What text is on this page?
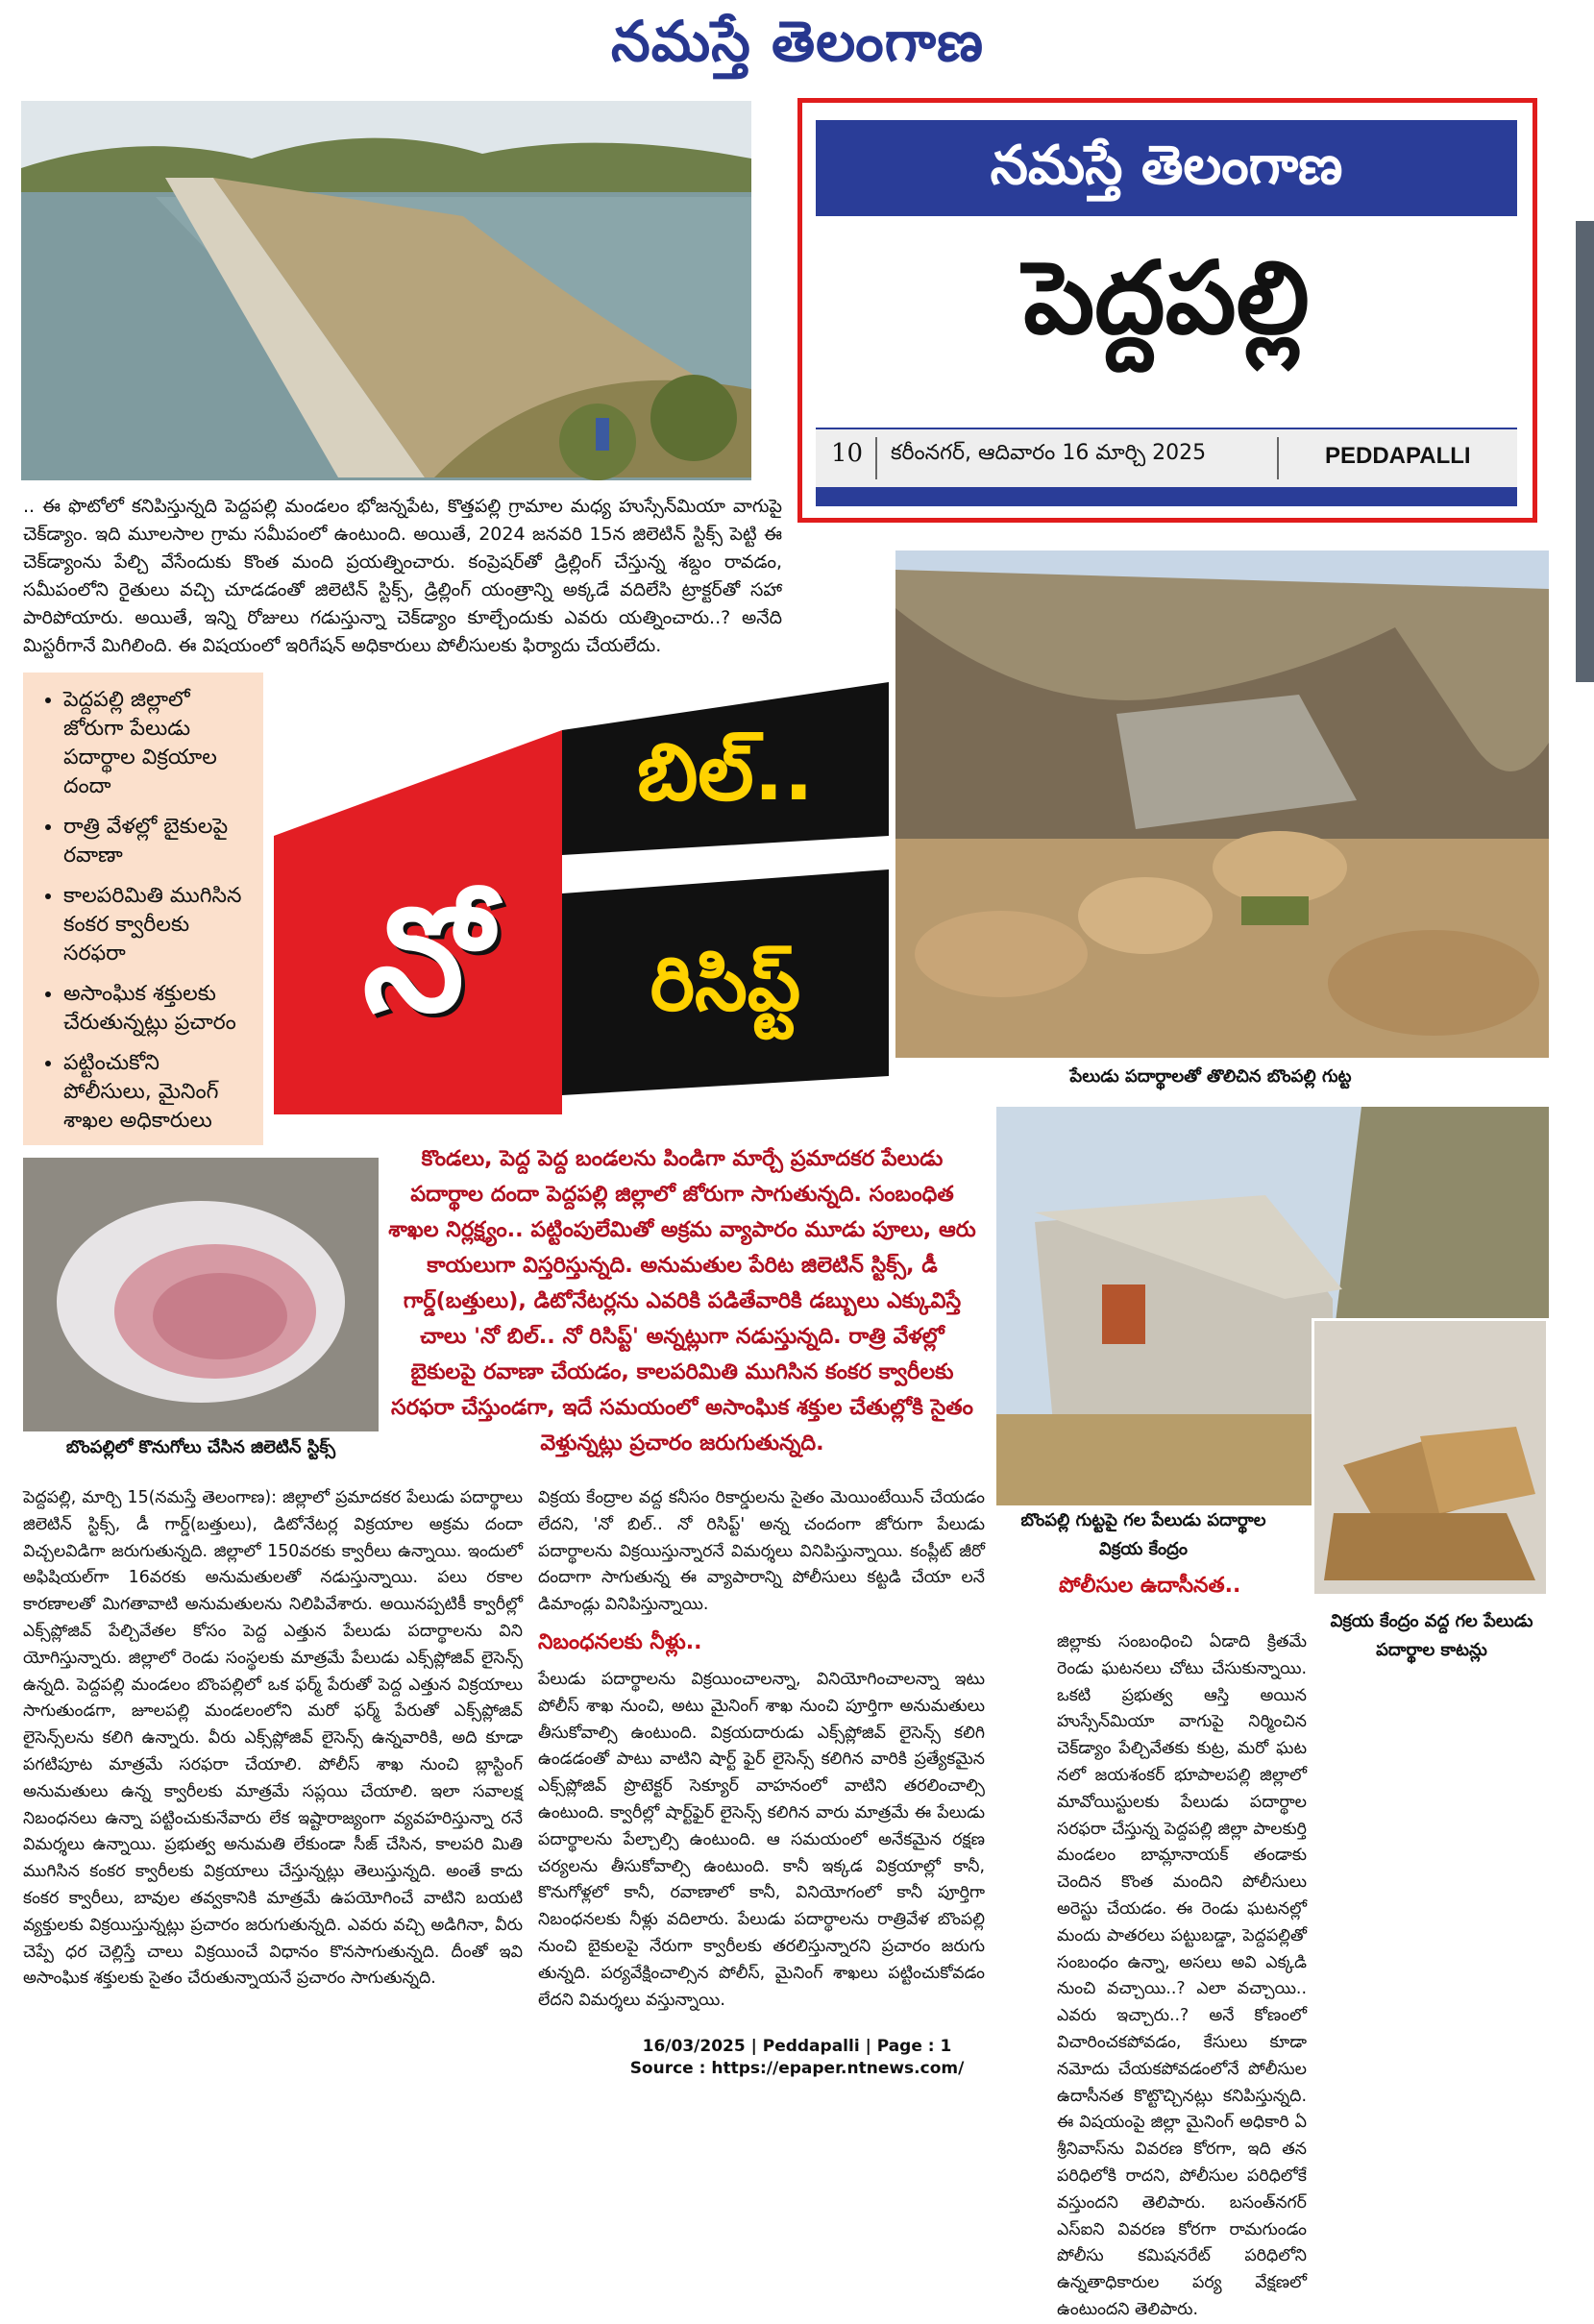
నమస్తే తెలంగాణ
నమస్తే తెలంగాణ
పెద్దపల్లి
10 కరీంనగర్, ఆదివారం 16 మార్చి 2025	PEDDAPALLI
.. ఈ ఫొటోలో కనిపిస్తున్నది పెద్దపల్లి మండలం భోజన్నపేట, కొత్తపల్లి గ్రామాల మధ్య హుస్సేన్‌మియా వాగుపై చెక్‌డ్యాం. ఇది మూలసాల గ్రామ సమీపంలో ఉంటుంది. అయితే, 2024 జనవరి 15న జిలెటిన్ స్టిక్స్ పెట్టి ఈ చెక్‌డ్యాంను పేల్చి వేసేందుకు కొంత మంది ప్రయత్నించారు. కంప్రెషర్‌తో డ్రిల్లింగ్ చేస్తున్న శబ్దం రావడం, సమీపంలోని రైతులు వచ్చి చూడడంతో జిలెటిన్ స్టిక్స్, డ్రిల్లింగ్ యంత్రాన్ని అక్కడే వదిలేసి ట్రాక్టర్‌తో సహా పారిపోయారు. అయితే, ఇన్ని రోజులు గడుస్తున్నా చెక్‌డ్యాం కూల్చేందుకు ఎవరు యత్నించారు..? అనేది మిస్టరీగానే మిగిలింది. ఈ విషయంలో ఇరిగేషన్ అధికారులు పోలీసులకు ఫిర్యాదు చేయలేదు.
• పెద్దపల్లి జిల్లాలో జోరుగా పేలుడు పదార్థాల విక్రయాల దందా
• రాత్రి వేళల్లో బైకులపై రవాణా
• కాలపరిమితి ముగిసిన కంకర క్వారీలకు సరఫరా
• అసాంఘిక శక్తులకు చేరుతున్నట్లు ప్రచారం
• పట్టించుకోని పోలీసులు, మైనింగ్ శాఖల అధికారులు
నో
బిల్..
రిసిప్ట్
పేలుడు పదార్థాలతో తొలిచిన బొంపల్లి గుట్ట
బొంపల్లిలో కొనుగోలు చేసిన జిలెటిన్ స్టిక్స్
కొండలు, పెద్ద పెద్ద బండలను పిండిగా మార్చే ప్రమాదకర పేలుడు పదార్థాల దందా పెద్దపల్లి జిల్లాలో జోరుగా సాగుతున్నది. సంబంధిత శాఖల నిర్లక్ష్యం.. పట్టింపులేమితో అక్రమ వ్యాపారం మూడు పూలు, ఆరు కాయలుగా విస్తరిస్తున్నది. అనుమతుల పేరిట జిలెటిన్ స్టిక్స్, డీ గార్డ్(బత్తులు), డిటోనేటర్లను ఎవరికి పడితేవారికి డబ్బులు ఎక్కువిస్తే చాలు 'నో బిల్.. నో రిసిప్ట్' అన్నట్లుగా నడుస్తున్నది. రాత్రి వేళల్లో బైకులపై రవాణా చేయడం, కాలపరిమితి ముగిసిన కంకర క్వారీలకు సరఫరా చేస్తుండగా, ఇదే సమయంలో అసాంఘిక శక్తుల చేతుల్లోకి సైతం వెళ్తున్నట్లు ప్రచారం జరుగుతున్నది.
బొంపల్లి గుట్టపై గల పేలుడు పదార్థాల విక్రయ కేంద్రం
విక్రయ కేంద్రం వద్ద గల పేలుడు పదార్థాల కాటన్లు
పెద్దపల్లి, మార్చి 15(నమస్తే తెలంగాణ): జిల్లాలో ప్రమాదకర పేలుడు పదార్థాలు జిలెటిన్ స్టిక్స్, డీ గార్డ్(బత్తులు), డిటోనేటర్ల విక్రయాల అక్రమ దందా విచ్చలవిడిగా జరుగుతున్నది. జిల్లాలో 150వరకు క్వారీలు ఉన్నాయి. ఇందులో అఫిషియల్‌గా 16వరకు అనుమతులతో నడుస్తున్నాయి. పలు రకాల కారణాలతో మిగతావాటి అనుమతులను నిలిపివేశారు. అయినప్పటికీ క్వారీల్లో ఎక్స్‌ప్లోజివ్ పేల్చివేతల కోసం పెద్ద ఎత్తున పేలుడు పదార్థాలను విని యోగిస్తున్నారు. జిల్లాలో రెండు సంస్థలకు మాత్రమే పేలుడు ఎక్స్‌ప్లోజివ్ లైసెన్స్ ఉన్నది. పెద్దపల్లి మండలం బొంపల్లిలో ఒక ఫర్మ్ పేరుతో పెద్ద ఎత్తున విక్రయాలు సాగుతుండగా, జూలపల్లి మండలంలోని మరో ఫర్మ్ పేరుతో ఎక్స్‌ప్లోజివ్ లైసెన్స్‌లను కలిగి ఉన్నారు. వీరు ఎక్స్‌ప్లోజివ్ లైసెన్స్ ఉన్నవారికి, అది కూడా పగటిపూట మాత్రమే సరఫరా చేయాలి. పోలీస్ శాఖ నుంచి బ్లాస్టింగ్ అనుమతులు ఉన్న క్వారీలకు మాత్రమే సప్లయి చేయాలి. ఇలా సవాలక్ష నిబంధనలు ఉన్నా పట్టించుకునేవారు లేక ఇష్టారాజ్యంగా వ్యవహరిస్తున్నా రనే విమర్శలు ఉన్నాయి. ప్రభుత్వ అనుమతి లేకుండా సీజ్ చేసిన, కాలపరి మితి ముగిసిన కంకర క్వారీలకు విక్రయాలు చేస్తున్నట్లు తెలుస్తున్నది. అంతే కాదు కంకర క్వారీలు, బావుల తవ్వకానికి మాత్రమే ఉపయోగించే వాటిని బయటి వ్యక్తులకు విక్రయిస్తున్నట్లు ప్రచారం జరుగుతున్నది. ఎవరు వచ్చి అడిగినా, వీరు చెప్పే ధర చెల్లిస్తే చాలు విక్రయించే విధానం కొనసాగుతున్నది. దీంతో ఇవి అసాంఘిక శక్తులకు సైతం చేరుతున్నాయనే ప్రచారం సాగుతున్నది.
విక్రయ కేంద్రాల వద్ద కనీసం రికార్డులను సైతం మెయింటేయిన్ చేయడం లేదని, 'నో బిల్.. నో రిసిప్ట్' అన్న చందంగా జోరుగా పేలుడు పదార్థాలను విక్రయిస్తున్నారనే విమర్శలు వినిపిస్తున్నాయి. కంప్లీట్ జీరో దందాగా సాగుతున్న ఈ వ్యాపారాన్ని పోలీసులు కట్టడి చేయా లనే డిమాండ్లు వినిపిస్తున్నాయి.
నిబంధనలకు నీళ్లు..
పేలుడు పదార్థాలను విక్రయించాలన్నా, వినియోగించాలన్నా ఇటు పోలీస్ శాఖ నుంచి, అటు మైనింగ్ శాఖ నుంచి పూర్తిగా అనుమతులు తీసుకోవాల్సి ఉంటుంది. విక్రయదారుడు ఎక్స్‌ప్లోజివ్ లైసెన్స్ కలిగి ఉండడంతో పాటు వాటిని షార్ట్ ఫైర్ లైసెన్స్ కలిగిన వారికి ప్రత్యేకమైన ఎక్స్‌ప్లోజివ్ ప్రొటెక్టర్ సెక్యూర్ వాహనంలో వాటిని తరలించాల్సి ఉంటుంది. క్వారీల్లో షార్ట్‌ఫైర్ లైసెన్స్ కలిగిన వారు మాత్రమే ఈ పేలుడు పదార్థాలను పేల్చాల్సి ఉంటుంది. ఆ సమయంలో అనేకమైన రక్షణ చర్యలను తీసుకోవాల్సి ఉంటుంది. కానీ ఇక్కడ విక్రయాల్లో కానీ, కొనుగోళ్లలో కానీ, రవాణాలో కానీ, వినియోగంలో కానీ పూర్తిగా నిబంధనలకు నీళ్లు వదిలారు. పేలుడు పదార్థాలను రాత్రివేళ బొంపల్లి నుంచి బైకులపై నేరుగా క్వారీలకు తరలిస్తున్నారని ప్రచారం జరుగు తున్నది. పర్యవేక్షించాల్సిన పోలీస్, మైనింగ్ శాఖలు పట్టించుకోవడం లేదని విమర్శలు వస్తున్నాయి.
పోలీసుల ఉదాసీనత..
జిల్లాకు సంబంధించి ఏడాది క్రితమే రెండు ఘటనలు చోటు చేసుకున్నాయి. ఒకటి ప్రభుత్వ ఆస్తి అయిన హుస్సేన్‌మియా వాగుపై నిర్మించిన చెక్‌డ్యాం పేల్చివేతకు కుట్ర, మరో ఘట నలో జయశంకర్ భూపాలపల్లి జిల్లాలో మావోయిస్టులకు పేలుడు పదార్థాల సరఫరా చేస్తున్న పెద్దపల్లి జిల్లా పాలకుర్తి మండలం బామ్లానాయక్ తండాకు చెందిన కొంత మందిని పోలీసులు అరెస్టు చేయడం. ఈ రెండు ఘటనల్లో మందు పాతరలు పట్టుబడ్డా, పెద్దపల్లితో సంబంధం ఉన్నా, అసలు అవి ఎక్కడి నుంచి వచ్చాయి..? ఎలా వచ్చాయి.. ఎవరు ఇచ్చారు..? అనే కోణంలో విచారించకపోవడం, కేసులు కూడా నమోదు చేయకపోవడంలోనే పోలీసుల ఉదాసీనత కొట్టొచ్చినట్లు కనిపిస్తున్నది. ఈ విషయంపై జిల్లా మైనింగ్ అధికారి ఏ శ్రీనివాస్‌ను వివరణ కోరగా, ఇది తన పరిధిలోకి రాదని, పోలీసుల పరిధిలోకే వస్తుందని తెలిపారు. బసంత్‌నగర్ ఎస్ఐని వివరణ కోరగా రామగుండం పోలీసు కమిషనరేట్ పరిధిలోని ఉన్నతాధికారుల పర్య వేక్షణలో ఉంటుందని తెలిపారు.
16/03/2025 | Peddapalli | Page : 1
Source : https://epaper.ntnews.com/
